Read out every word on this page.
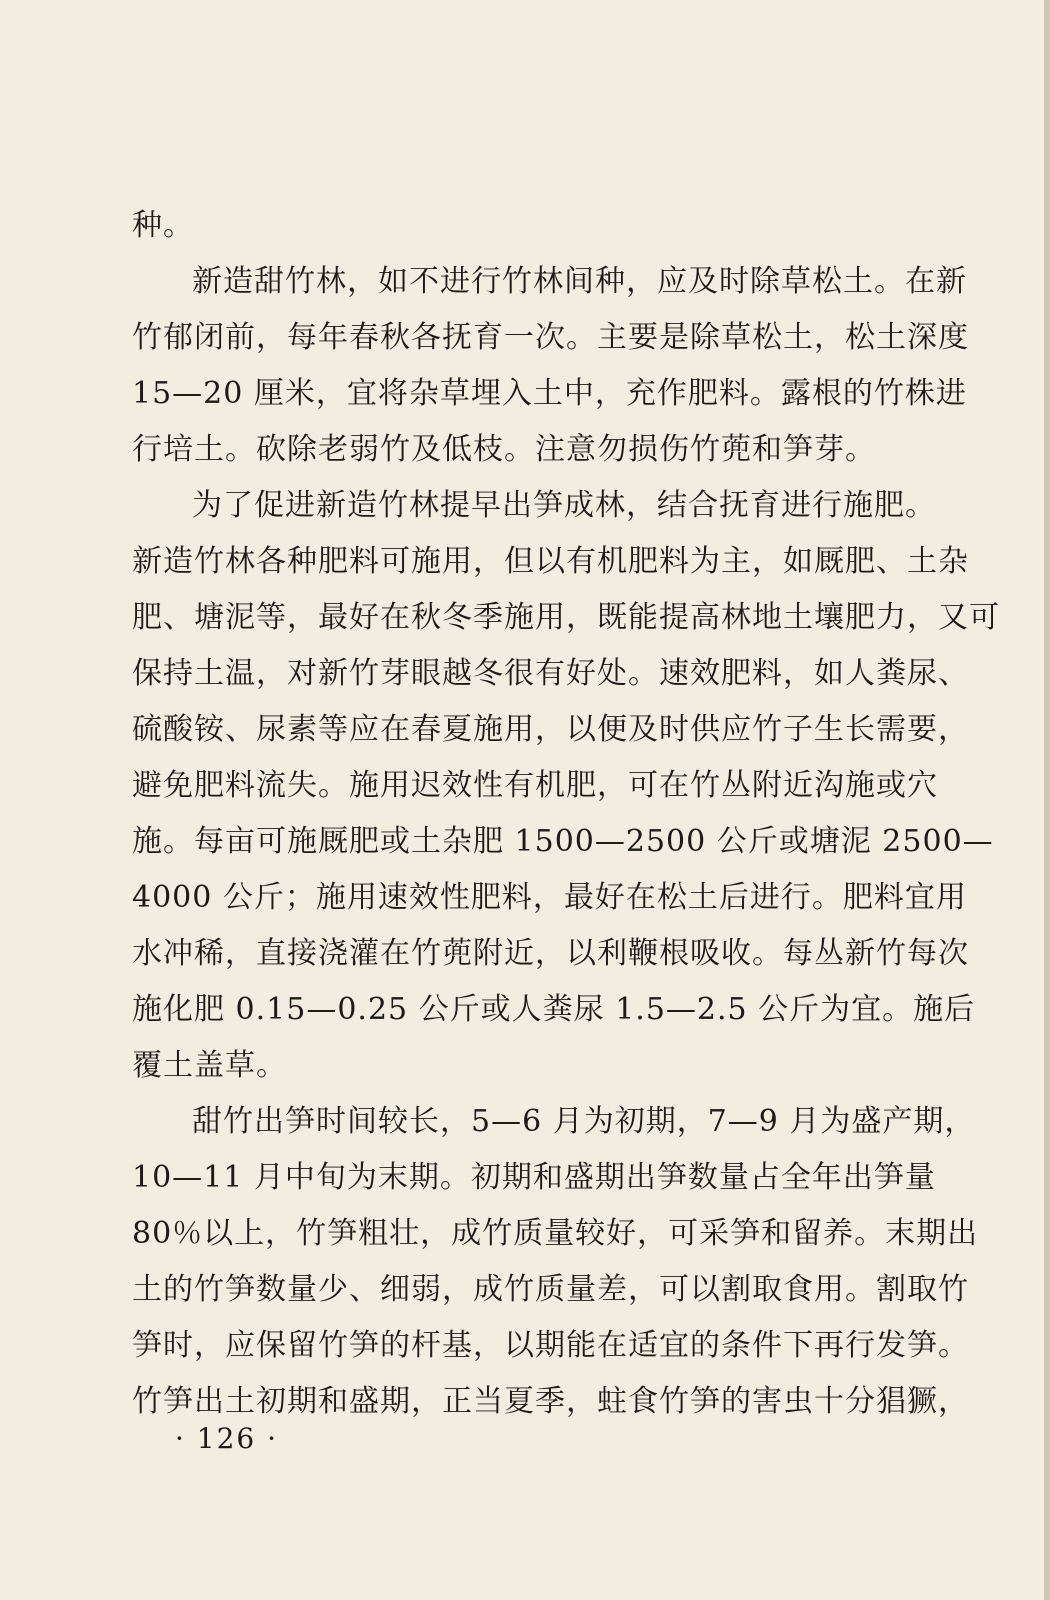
种。
新造甜竹林，如不进行竹林间种，应及时除草松土。在新
竹郁闭前，每年春秋各抚育一次。主要是除草松土，松土深度
15—20 厘米，宜将杂草埋入土中，充作肥料。露根的竹株进
行培土。砍除老弱竹及低枝。注意勿损伤竹蔸和笋芽。
为了促进新造竹林提早出笋成林，结合抚育进行施肥。
新造竹林各种肥料可施用，但以有机肥料为主，如厩肥、土杂
肥、塘泥等，最好在秋冬季施用，既能提高林地土壤肥力，又可
保持土温，对新竹芽眼越冬很有好处。速效肥料，如人粪尿、
硫酸铵、尿素等应在春夏施用，以便及时供应竹子生长需要，
避免肥料流失。施用迟效性有机肥，可在竹丛附近沟施或穴
施。每亩可施厩肥或土杂肥 1500—2500 公斤或塘泥 2500—
4000 公斤；施用速效性肥料，最好在松土后进行。肥料宜用
水冲稀，直接浇灌在竹蔸附近，以利鞭根吸收。每丛新竹每次
施化肥 0.15—0.25 公斤或人粪尿 1.5—2.5 公斤为宜。施后
覆土盖草。
甜竹出笋时间较长，5—6 月为初期，7—9 月为盛产期，
10—11 月中旬为末期。初期和盛期出笋数量占全年出笋量
80％以上，竹笋粗壮，成竹质量较好，可采笋和留养。末期出
土的竹笋数量少、细弱，成竹质量差，可以割取食用。割取竹
笋时，应保留竹笋的杆基，以期能在适宜的条件下再行发笋。
竹笋出土初期和盛期，正当夏季，蛀食竹笋的害虫十分猖獗，
· 126 ·
